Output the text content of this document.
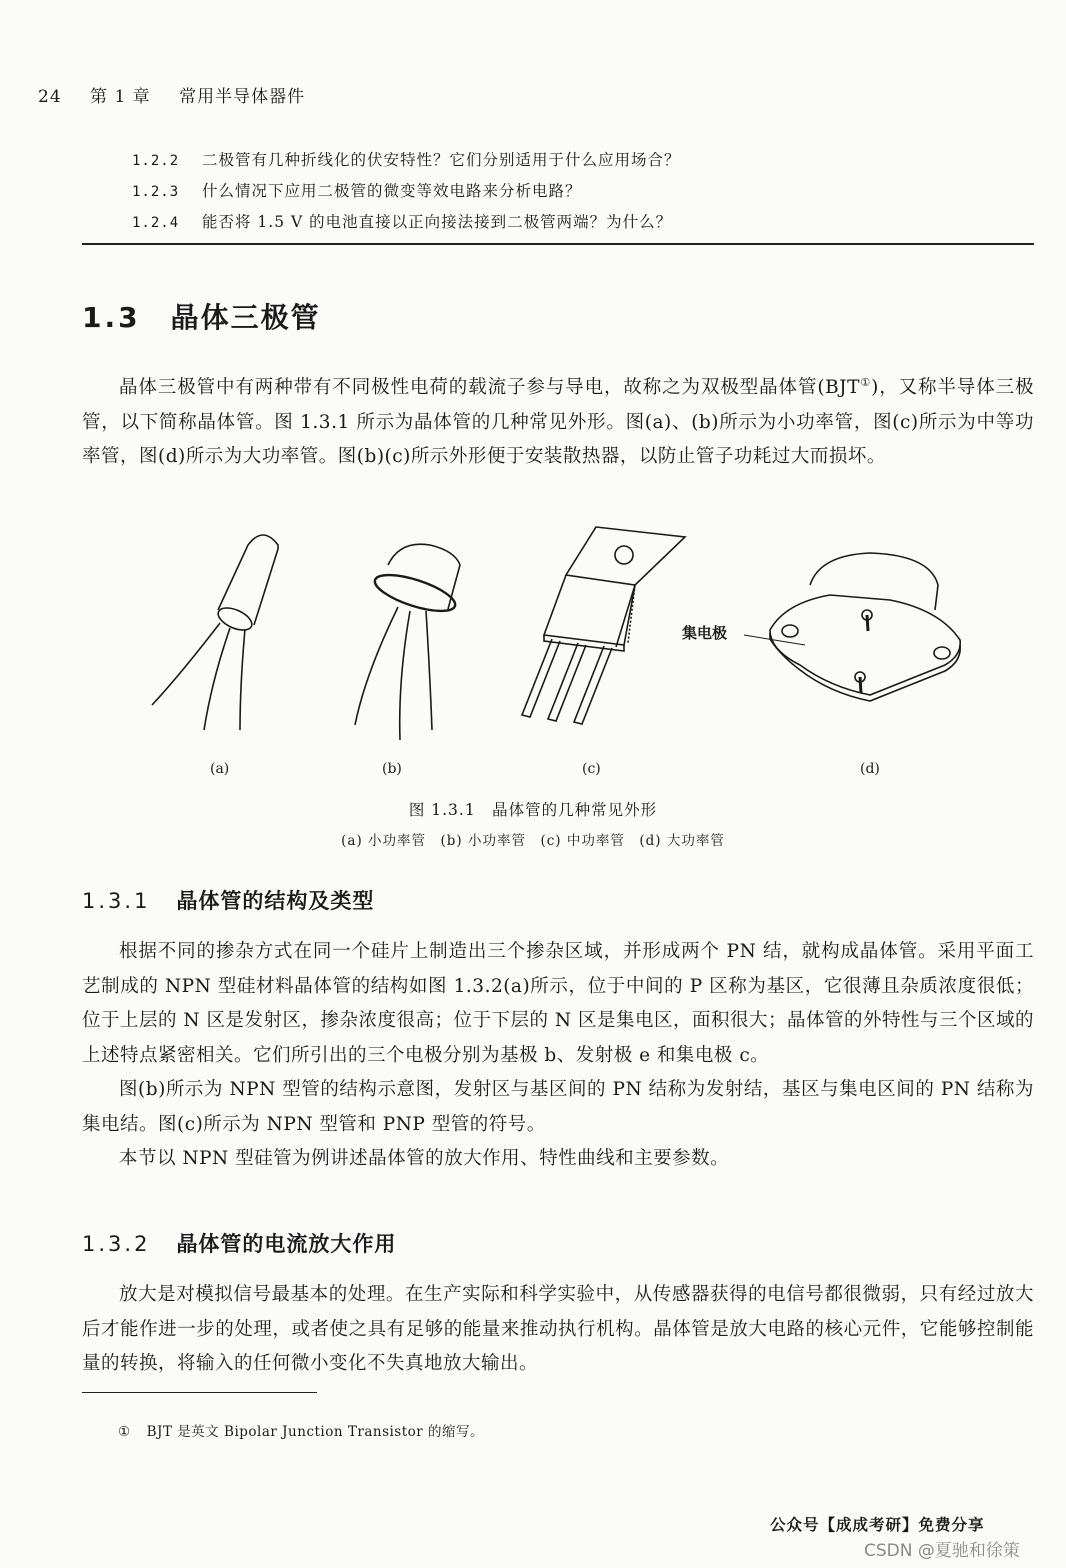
24 第 1 章 常用半导体器件
1.2.2 二极管有几种折线化的伏安特性？它们分别适用于什么应用场合？
1.2.3 什么情况下应用二极管的微变等效电路来分析电路？
1.2.4 能否将 1.5 V 的电池直接以正向接法接到二极管两端？为什么？
1.3 晶体三极管

晶体三极管中有两种带有不同极性电荷的载流子参与导电，故称之为双极型晶体管(BJT①)，又称半导体三极管，以下简称晶体管。图 1.3.1 所示为晶体管的几种常见外形。图(a)、(b)所示为小功率管，图(c)所示为中等功率管，图(d)所示为大功率管。图(b)(c)所示外形便于安装散热器，以防止管子功耗过大而损坏。

(a)	(b)	(c)	(d)
集电极
图 1.3.1　晶体管的几种常见外形
(a) 小功率管　(b) 小功率管　(c) 中功率管　(d) 大功率管
1.3.1 晶体管的结构及类型

根据不同的掺杂方式在同一个硅片上制造出三个掺杂区域，并形成两个 PN 结，就构成晶体管。采用平面工艺制成的 NPN 型硅材料晶体管的结构如图 1.3.2(a)所示，位于中间的 P 区称为基区，它很薄且杂质浓度很低；位于上层的 N 区是发射区，掺杂浓度很高；位于下层的 N 区是集电区，面积很大；晶体管的外特性与三个区域的上述特点紧密相关。它们所引出的三个电极分别为基极 b、发射极 e 和集电极 c。

图(b)所示为 NPN 型管的结构示意图，发射区与基区间的 PN 结称为发射结，基区与集电区间的 PN 结称为集电结。图(c)所示为 NPN 型管和 PNP 型管的符号。

本节以 NPN 型硅管为例讲述晶体管的放大作用、特性曲线和主要参数。

1.3.2 晶体管的电流放大作用

放大是对模拟信号最基本的处理。在生产实际和科学实验中，从传感器获得的电信号都很微弱，只有经过放大后才能作进一步的处理，或者使之具有足够的能量来推动执行机构。晶体管是放大电路的核心元件，它能够控制能量的转换，将输入的任何微小变化不失真地放大输出。

① BJT 是英文 Bipolar Junction Transistor 的缩写。
公众号【成成考研】免费分享
CSDN @夏驰和徐策
